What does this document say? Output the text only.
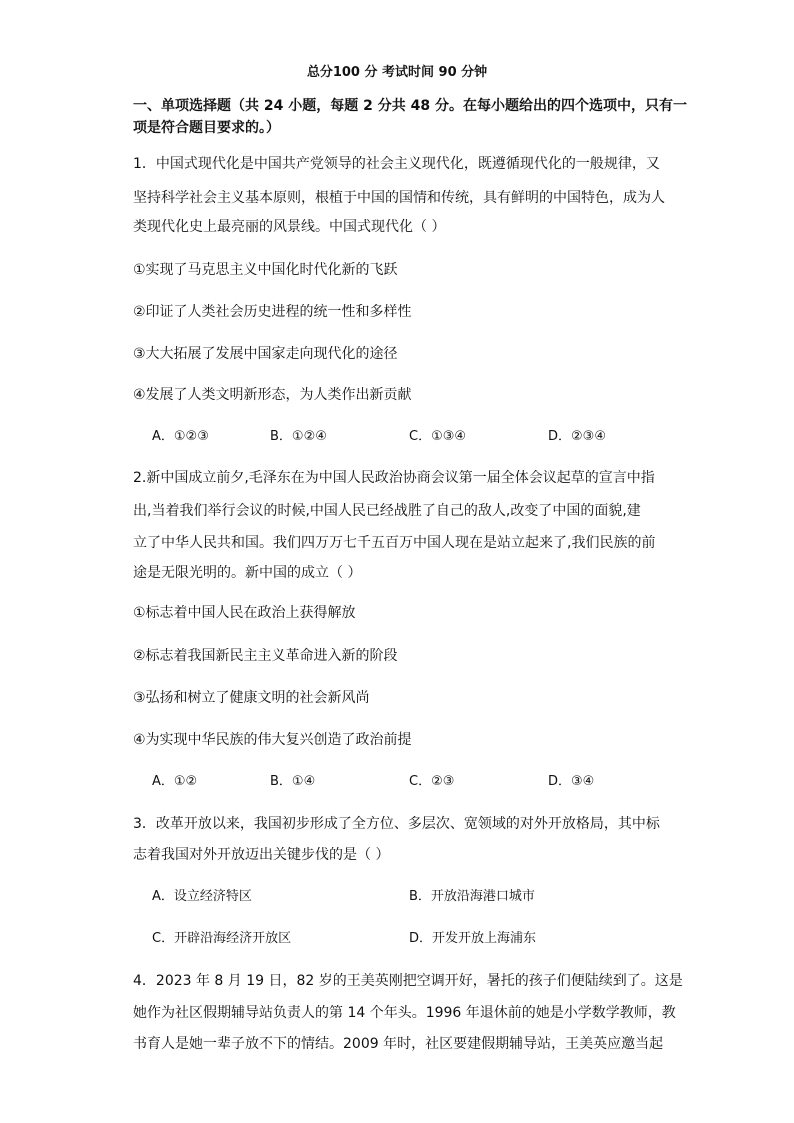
总分100 分 考试时间 90 分钟
一、单项选择题（共 24 小题，每题 2 分共 48 分。在每小题给出的四个选项中，只有一
项是符合题目要求的。）
1．中国式现代化是中国共产党领导的社会主义现代化，既遵循现代化的一般规律，又
坚持科学社会主义基本原则，根植于中国的国情和传统，具有鲜明的中国特色，成为人
类现代化史上最亮丽的风景线。中国式现代化（ ）
①实现了马克思主义中国化时代化新的飞跃
②印证了人类社会历史进程的统一性和多样性
③大大拓展了发展中国家走向现代化的途径
④发展了人类文明新形态，为人类作出新贡献
A．①②③	B．①②④	C．①③④	D．②③④
2.新中国成立前夕,毛泽东在为中国人民政治协商会议第一届全体会议起草的宣言中指
出,当着我们举行会议的时候,中国人民已经战胜了自己的敌人,改变了中国的面貌,建
立了中华人民共和国。我们四万万七千五百万中国人现在是站立起来了,我们民族的前
途是无限光明的。新中国的成立（ ）
①标志着中国人民在政治上获得解放
②标志着我国新民主主义革命进入新的阶段
③弘扬和树立了健康文明的社会新风尚
④为实现中华民族的伟大复兴创造了政治前提
A．①②	B．①④	C．②③	D．③④
3．改革开放以来，我国初步形成了全方位、多层次、宽领域的对外开放格局，其中标
志着我国对外开放迈出关键步伐的是（ ）
A．设立经济特区	B．开放沿海港口城市
C．开辟沿海经济开放区	D．开发开放上海浦东
4．2023 年 8 月 19 日，82 岁的王美英刚把空调开好，暑托的孩子们便陆续到了。这是
她作为社区假期辅导站负责人的第 14 个年头。1996 年退休前的她是小学数学教师，教
书育人是她一辈子放不下的情结。2009 年时，社区要建假期辅导站，王美英应邀当起
